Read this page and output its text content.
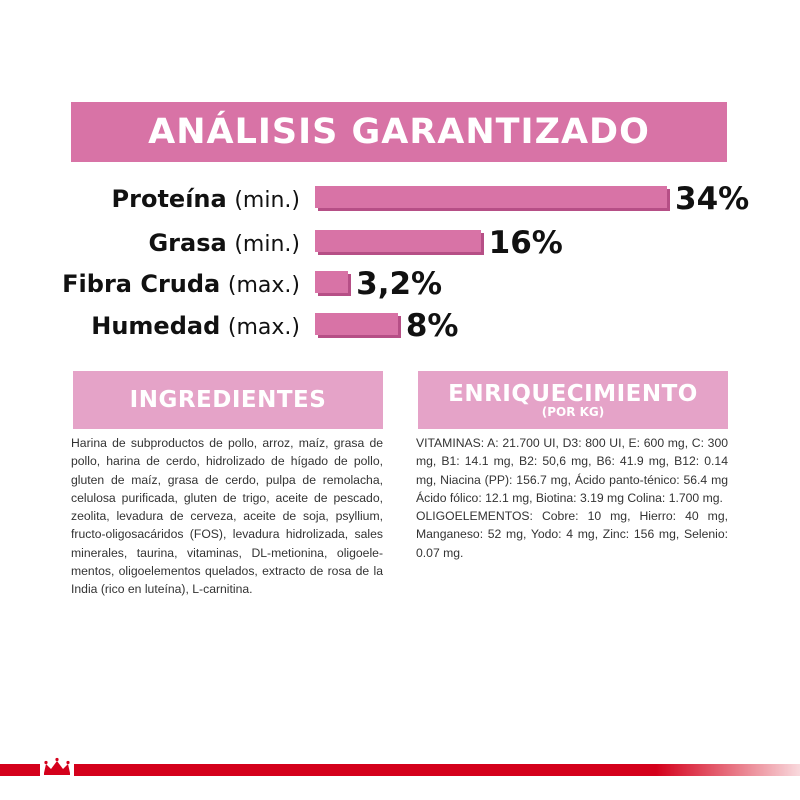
ANÁLISIS GARANTIZADO
Proteína (min.)	34%
Grasa (min.)	16%
Fibra Cruda (max.) 3,2%
Humedad (max.)	8%
INGREDIENTES

Harina de subproductos de pollo, arroz, maíz, grasa de pollo, harina de cerdo, hidrolizado de hígado de pollo, gluten de maíz, grasa de cerdo, pulpa de remolacha, celulosa purificada, gluten de trigo, aceite de pescado, zeolita, levadura de cerveza, aceite de soja, psyllium, fructo-oligosacáridos (FOS), levadura hidrolizada, sales minerales, taurina, vitaminas, DL-metionina, oligoele-mentos, oligoelementos quelados, extracto de rosa de la India (rico en luteína), L-carnitina.

ENRIQUECIMIENTO
(POR KG)

VITAMINAS: A: 21.700 UI, D3: 800 UI, E: 600 mg, C: 300 mg, B1: 14.1 mg, B2: 50,6 mg, B6: 41.9 mg, B12: 0.14 mg, Niacina (PP): 156.7 mg, Ácido panto-ténico: 56.4 mg Ácido fólico: 12.1 mg, Biotina: 3.19 mg Colina: 1.700 mg.

OLIGOELEMENTOS: Cobre: 10 mg, Hierro: 40 mg, Manganeso: 52 mg, Yodo: 4 mg, Zinc: 156 mg, Selenio: 0.07 mg.
